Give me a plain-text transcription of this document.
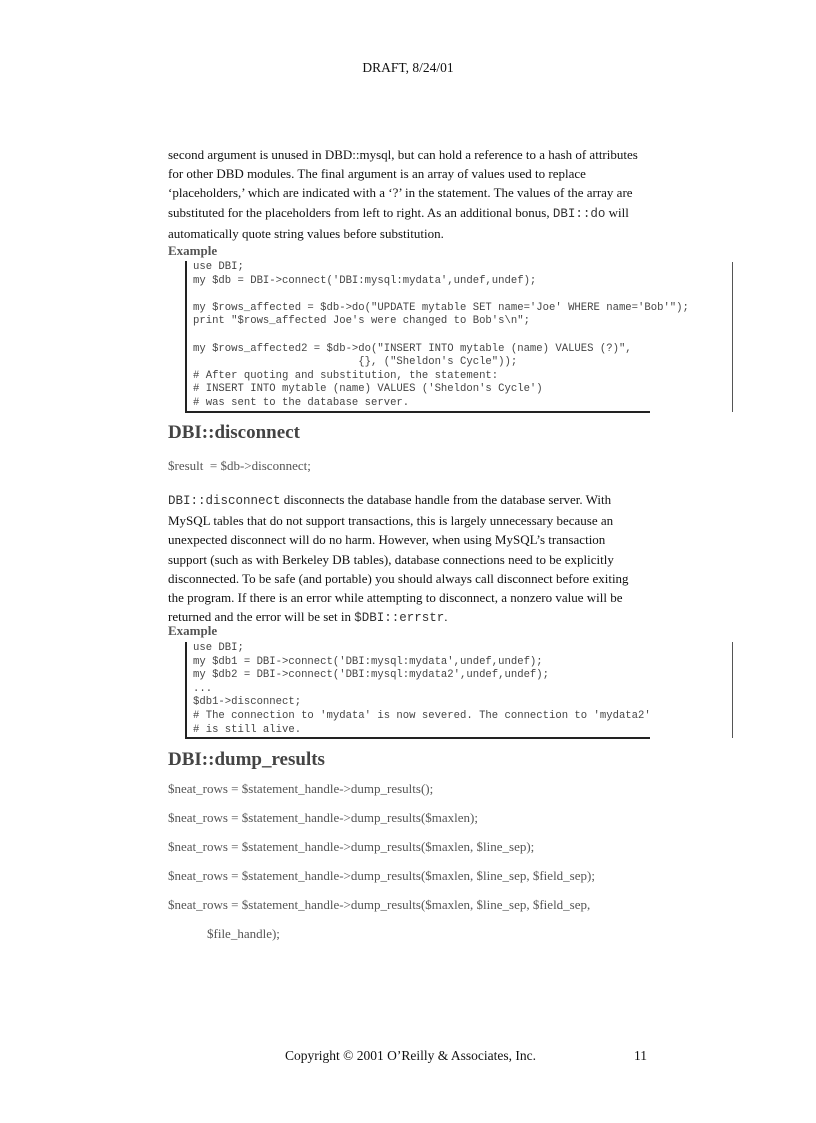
DRAFT, 8/24/01
second argument is unused in DBD::mysql, but can hold a reference to a hash of attributes
for other DBD modules. The final argument is an array of values used to replace
‘placeholders,’ which are indicated with a ‘?’ in the statement. The values of the array are
substituted for the placeholders from left to right. As an additional bonus, DBI::do will
automatically quote string values before substitution.
Example
use DBI;
my $db = DBI->connect('DBI:mysql:mydata',undef,undef);
my $rows_affected = $db->do("UPDATE mytable SET name='Joe' WHERE name='Bob'");
print "$rows_affected Joe's were changed to Bob's\n";
my $rows_affected2 = $db->do("INSERT INTO mytable (name) VALUES (?)",
{}, ("Sheldon's Cycle"));
# After quoting and substitution, the statement:
# INSERT INTO mytable (name) VALUES ('Sheldon's Cycle')
# was sent to the database server.
DBI::disconnect
$result  = $db->disconnect;
DBI::disconnect disconnects the database handle from the database server. With
MySQL tables that do not support transactions, this is largely unnecessary because an
unexpected disconnect will do no harm. However, when using MySQL’s transaction
support (such as with Berkeley DB tables), database connections need to be explicitly
disconnected. To be safe (and portable) you should always call disconnect before exiting
the program. If there is an error while attempting to disconnect, a nonzero value will be
returned and the error will be set in $DBI::errstr.
Example
use DBI;
my $db1 = DBI->connect('DBI:mysql:mydata',undef,undef);
my $db2 = DBI->connect('DBI:mysql:mydata2',undef,undef);
...
$db1->disconnect;
# The connection to 'mydata' is now severed. The connection to 'mydata2'
# is still alive.
DBI::dump_results
$neat_rows = $statement_handle->dump_results();
$neat_rows = $statement_handle->dump_results($maxlen);
$neat_rows = $statement_handle->dump_results($maxlen, $line_sep);
$neat_rows = $statement_handle->dump_results($maxlen, $line_sep, $field_sep);
$neat_rows = $statement_handle->dump_results($maxlen, $line_sep, $field_sep,
$file_handle);
Copyright © 2001 O’Reilly & Associates, Inc.	11
